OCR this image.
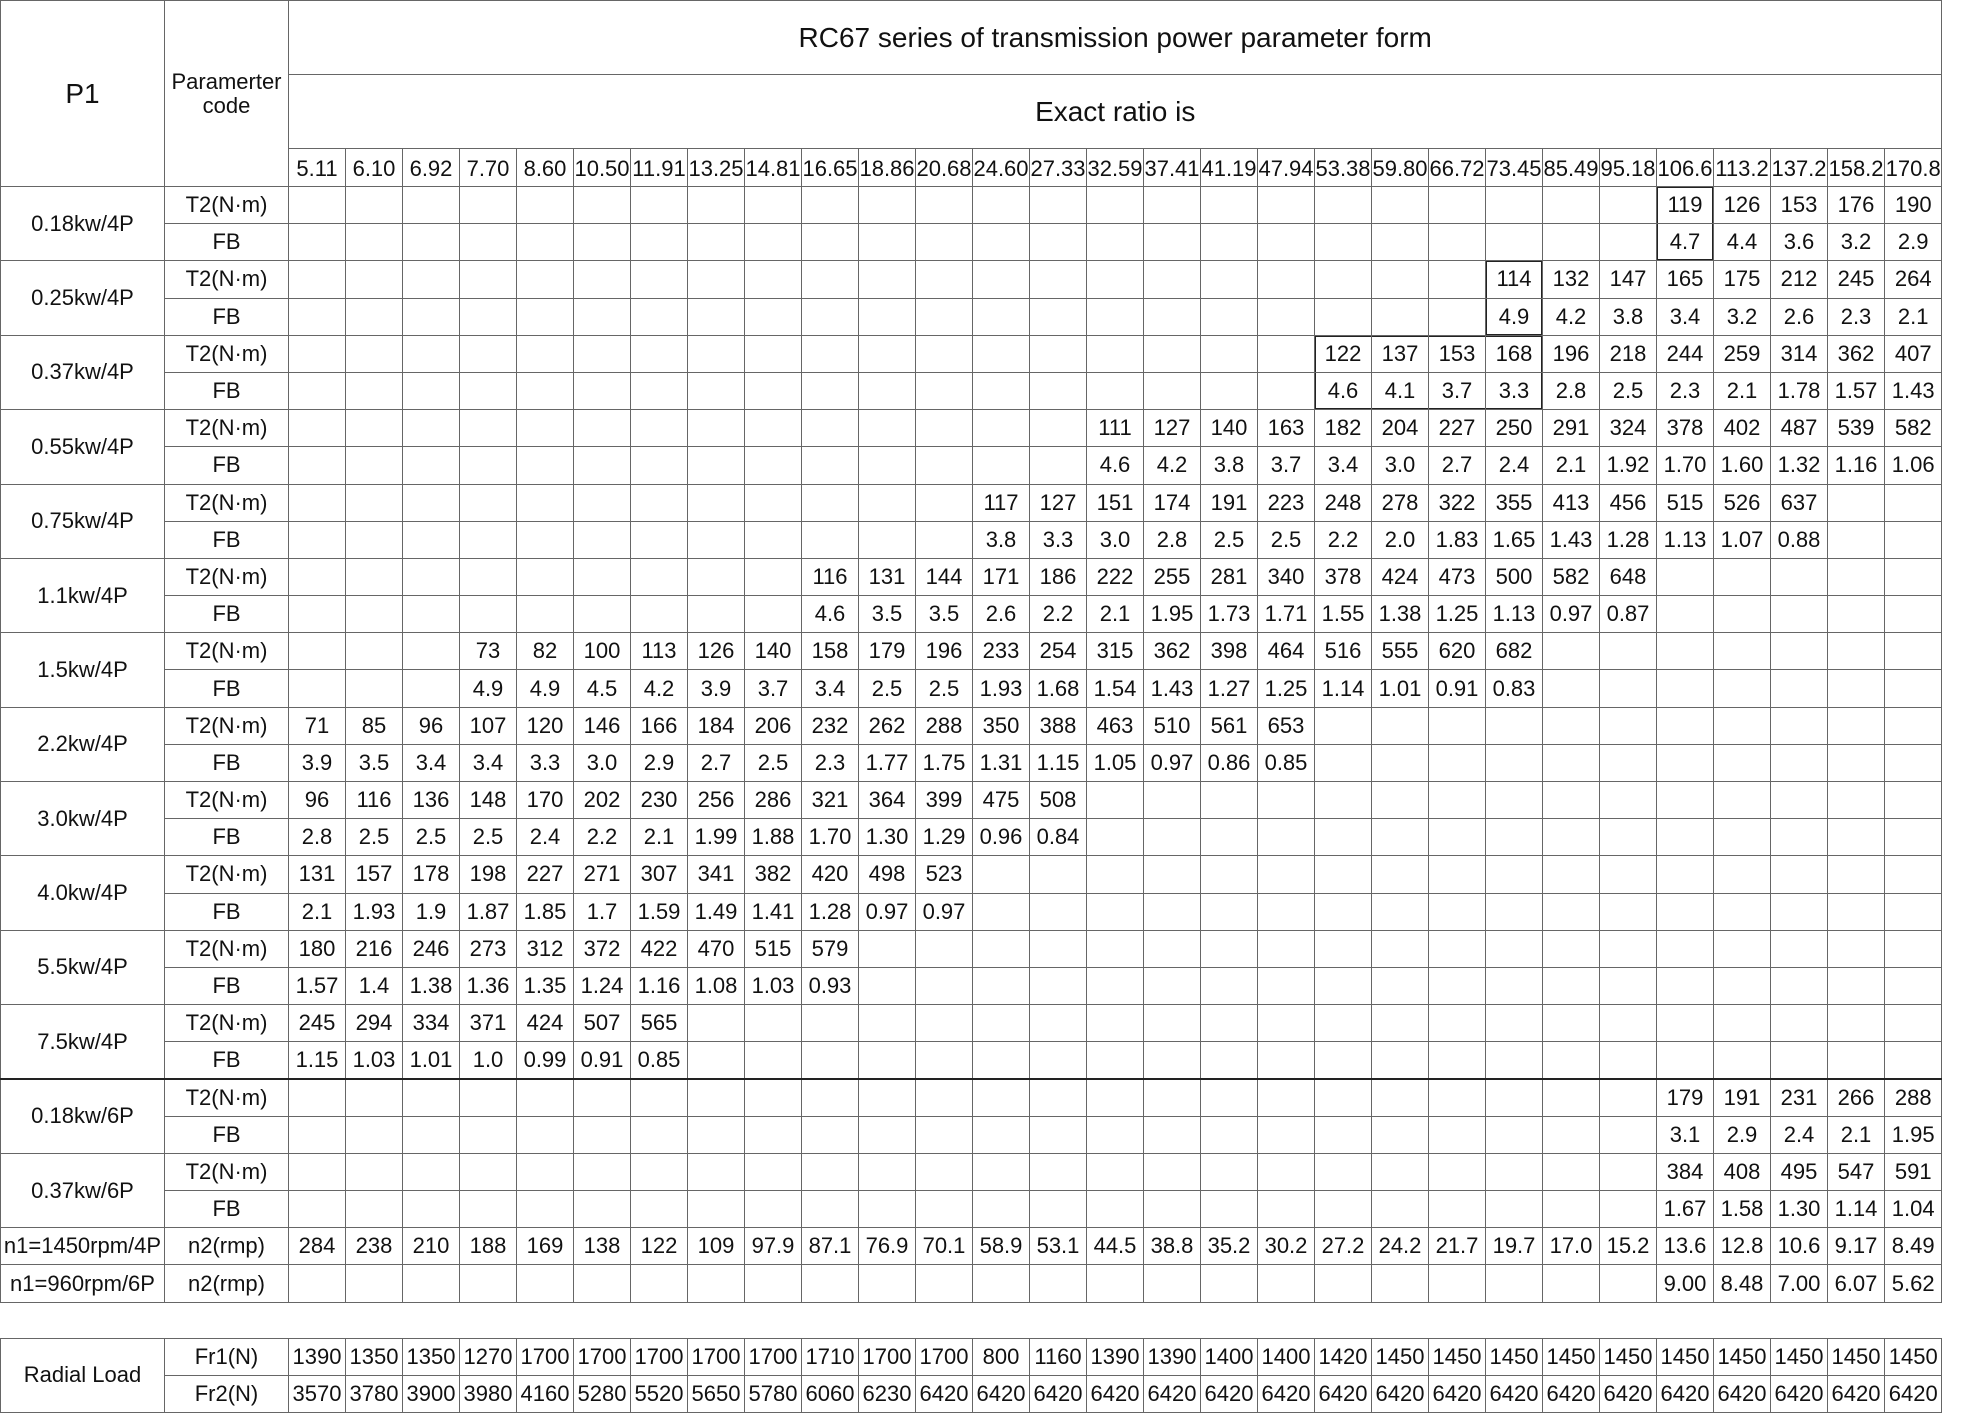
P1	Paramerter code	RC67 series of transmission power parameter form																												
		Exact ratio is																												
		5.11	6.10	6.92	7.70	8.60	10.50	11.91	13.25	14.81	16.65	18.86	20.68	24.60	27.33	32.59	37.41	41.19	47.94	53.38	59.80	66.72	73.45	85.49	95.18	106.6	113.2	137.2	158.2	170.8
0.18kw/4P	T2(N·m)																									119	126	153	176	190
	FB																									4.7	4.4	3.6	3.2	2.9
0.25kw/4P	T2(N·m)																						114	132	147	165	175	212	245	264
	FB																						4.9	4.2	3.8	3.4	3.2	2.6	2.3	2.1
0.37kw/4P	T2(N·m)																			122	137	153	168	196	218	244	259	314	362	407
	FB																			4.6	4.1	3.7	3.3	2.8	2.5	2.3	2.1	1.78	1.57	1.43
0.55kw/4P	T2(N·m)															111	127	140	163	182	204	227	250	291	324	378	402	487	539	582
	FB															4.6	4.2	3.8	3.7	3.4	3.0	2.7	2.4	2.1	1.92	1.70	1.60	1.32	1.16	1.06
0.75kw/4P	T2(N·m)													117	127	151	174	191	223	248	278	322	355	413	456	515	526	637		
	FB													3.8	3.3	3.0	2.8	2.5	2.5	2.2	2.0	1.83	1.65	1.43	1.28	1.13	1.07	0.88		
1.1kw/4P	T2(N·m)										116	131	144	171	186	222	255	281	340	378	424	473	500	582	648					
	FB										4.6	3.5	3.5	2.6	2.2	2.1	1.95	1.73	1.71	1.55	1.38	1.25	1.13	0.97	0.87					
1.5kw/4P	T2(N·m)				73	82	100	113	126	140	158	179	196	233	254	315	362	398	464	516	555	620	682							
	FB				4.9	4.9	4.5	4.2	3.9	3.7	3.4	2.5	2.5	1.93	1.68	1.54	1.43	1.27	1.25	1.14	1.01	0.91	0.83							
2.2kw/4P	T2(N·m)	71	85	96	107	120	146	166	184	206	232	262	288	350	388	463	510	561	653											
	FB	3.9	3.5	3.4	3.4	3.3	3.0	2.9	2.7	2.5	2.3	1.77	1.75	1.31	1.15	1.05	0.97	0.86	0.85											
3.0kw/4P	T2(N·m)	96	116	136	148	170	202	230	256	286	321	364	399	475	508															
	FB	2.8	2.5	2.5	2.5	2.4	2.2	2.1	1.99	1.88	1.70	1.30	1.29	0.96	0.84															
4.0kw/4P	T2(N·m)	131	157	178	198	227	271	307	341	382	420	498	523																	
	FB	2.1	1.93	1.9	1.87	1.85	1.7	1.59	1.49	1.41	1.28	0.97	0.97																	
5.5kw/4P	T2(N·m)	180	216	246	273	312	372	422	470	515	579																			
	FB	1.57	1.4	1.38	1.36	1.35	1.24	1.16	1.08	1.03	0.93																			
7.5kw/4P	T2(N·m)	245	294	334	371	424	507	565																						
	FB	1.15	1.03	1.01	1.0	0.99	0.91	0.85																						
0.18kw/6P	T2(N·m)																									179	191	231	266	288
	FB																									3.1	2.9	2.4	2.1	1.95
0.37kw/6P	T2(N·m)																									384	408	495	547	591
	FB																									1.67	1.58	1.30	1.14	1.04
n1=1450rpm/4P	n2(rmp)	284	238	210	188	169	138	122	109	97.9	87.1	76.9	70.1	58.9	53.1	44.5	38.8	35.2	30.2	27.2	24.2	21.7	19.7	17.0	15.2	13.6	12.8	10.6	9.17	8.49
n1=960rpm/6P	n2(rmp)																									9.00	8.48	7.00	6.07	5.62

Radial Load	Fr1(N)	1390	1350	1350	1270	1700	1700	1700	1700	1700	1710	1700	1700	800	1160	1390	1390	1400	1400	1420	1450	1450	1450	1450	1450	1450	1450	1450	1450	1450
	Fr2(N)	3570	3780	3900	3980	4160	5280	5520	5650	5780	6060	6230	6420	6420	6420	6420	6420	6420	6420	6420	6420	6420	6420	6420	6420	6420	6420	6420	6420	6420
